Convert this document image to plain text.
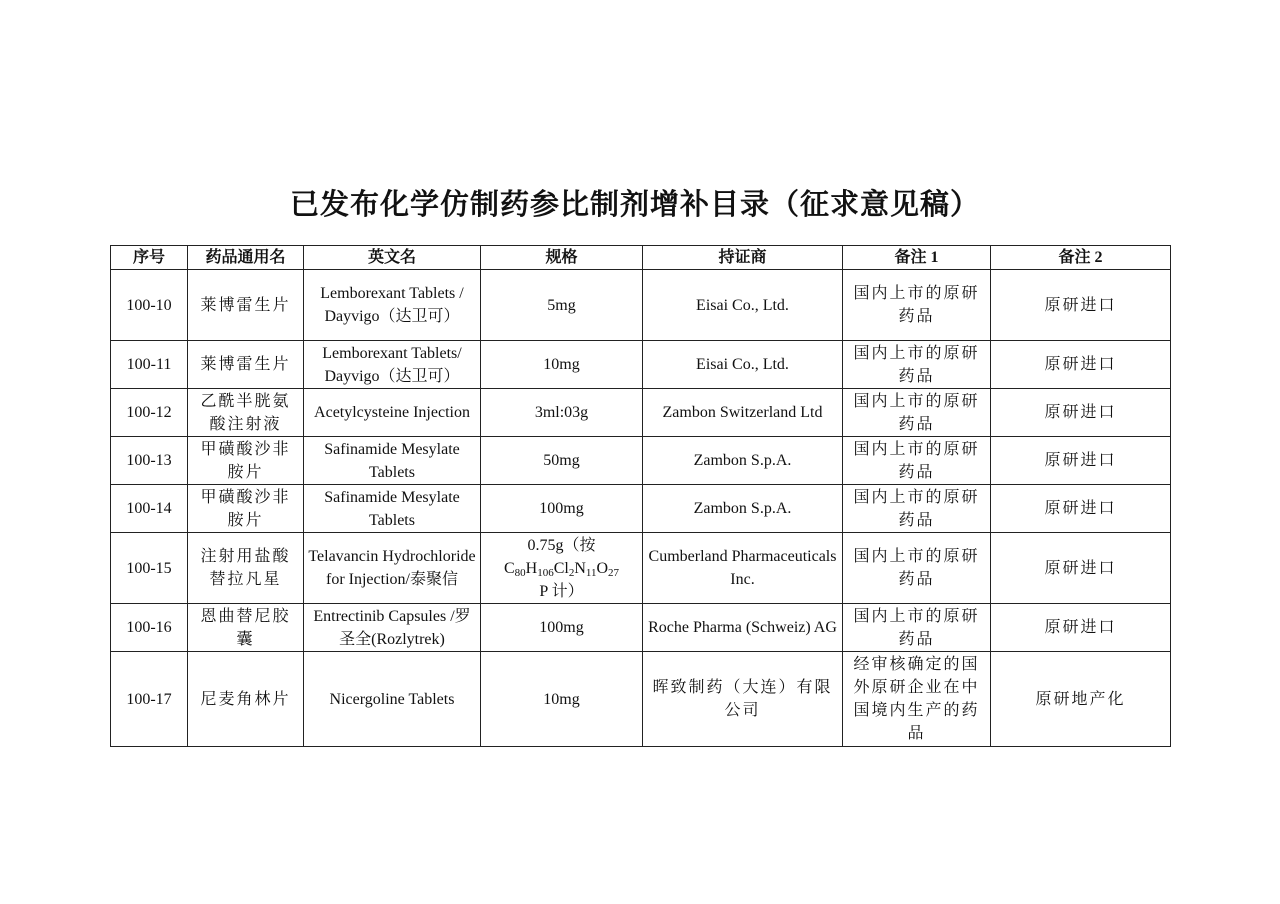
已发布化学仿制药参比制剂增补目录（征求意见稿）
序号	药品通用名	英文名	规格	持证商	备注 1	备注 2
100-10	莱博雷生片	Lemborexant Tablets / Dayvigo（达卫可）	5mg	Eisai Co., Ltd.	国内上市的原研药品	原研进口
100-11	莱博雷生片	Lemborexant Tablets/ Dayvigo（达卫可）	10mg	Eisai Co., Ltd.	国内上市的原研药品	原研进口
100-12	乙酰半胱氨酸注射液	Acetylcysteine Injection	3ml:03g	Zambon Switzerland Ltd	国内上市的原研药品	原研进口
100-13	甲磺酸沙非胺片	Safinamide Mesylate Tablets	50mg	Zambon S.p.A.	国内上市的原研药品	原研进口
100-14	甲磺酸沙非胺片	Safinamide Mesylate Tablets	100mg	Zambon S.p.A.	国内上市的原研药品	原研进口
100-15	注射用盐酸替拉凡星	Telavancin Hydrochloride for Injection/泰聚信	0.75g（按
$C_{80}H_{106}Cl_2N_{11}O_{27}$
P 计）	Cumberland Pharmaceuticals Inc.	国内上市的原研药品	原研进口
100-16	恩曲替尼胶囊	Entrectinib Capsules /罗圣全(Rozlytrek)	100mg	Roche Pharma (Schweiz) AG	国内上市的原研药品	原研进口
100-17	尼麦角林片	Nicergoline Tablets	10mg	晖致制药（大连）有限公司	经审核确定的国外原研企业在中国境内生产的药品	原研地产化
